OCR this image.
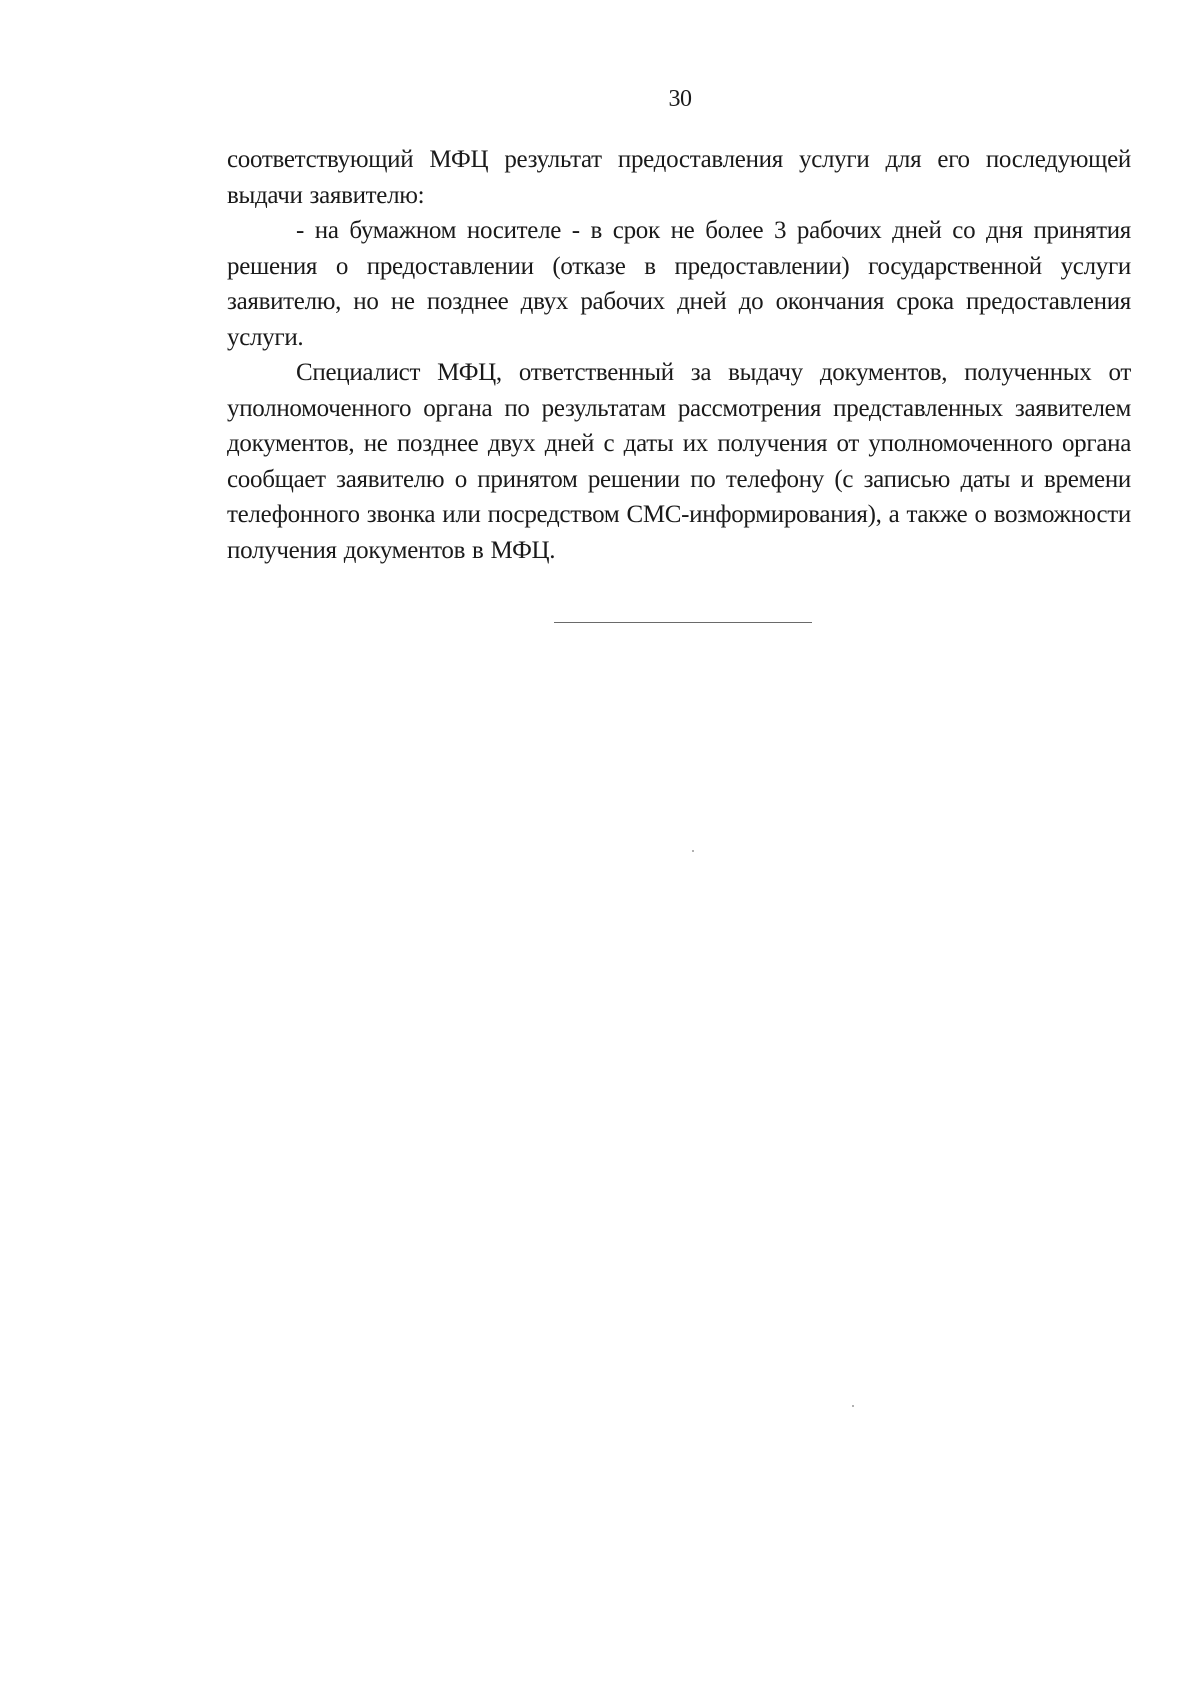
30

соответствующий МФЦ результат предоставления услуги для его последующей выдачи заявителю:

- на бумажном носителе - в срок не более 3 рабочих дней со дня принятия решения о предоставлении (отказе в предоставлении) государственной услуги заявителю, но не позднее двух рабочих дней до окончания срока предоставления услуги.

Специалист МФЦ, ответственный за выдачу документов, полученных от уполномоченного органа по результатам рассмотрения представленных заявителем документов, не позднее двух дней с даты их получения от уполномоченного органа сообщает заявителю о принятом решении по телефону (с записью даты и времени телефонного звонка или посредством СМС-информирования), а также о возможности получения документов в МФЦ.
